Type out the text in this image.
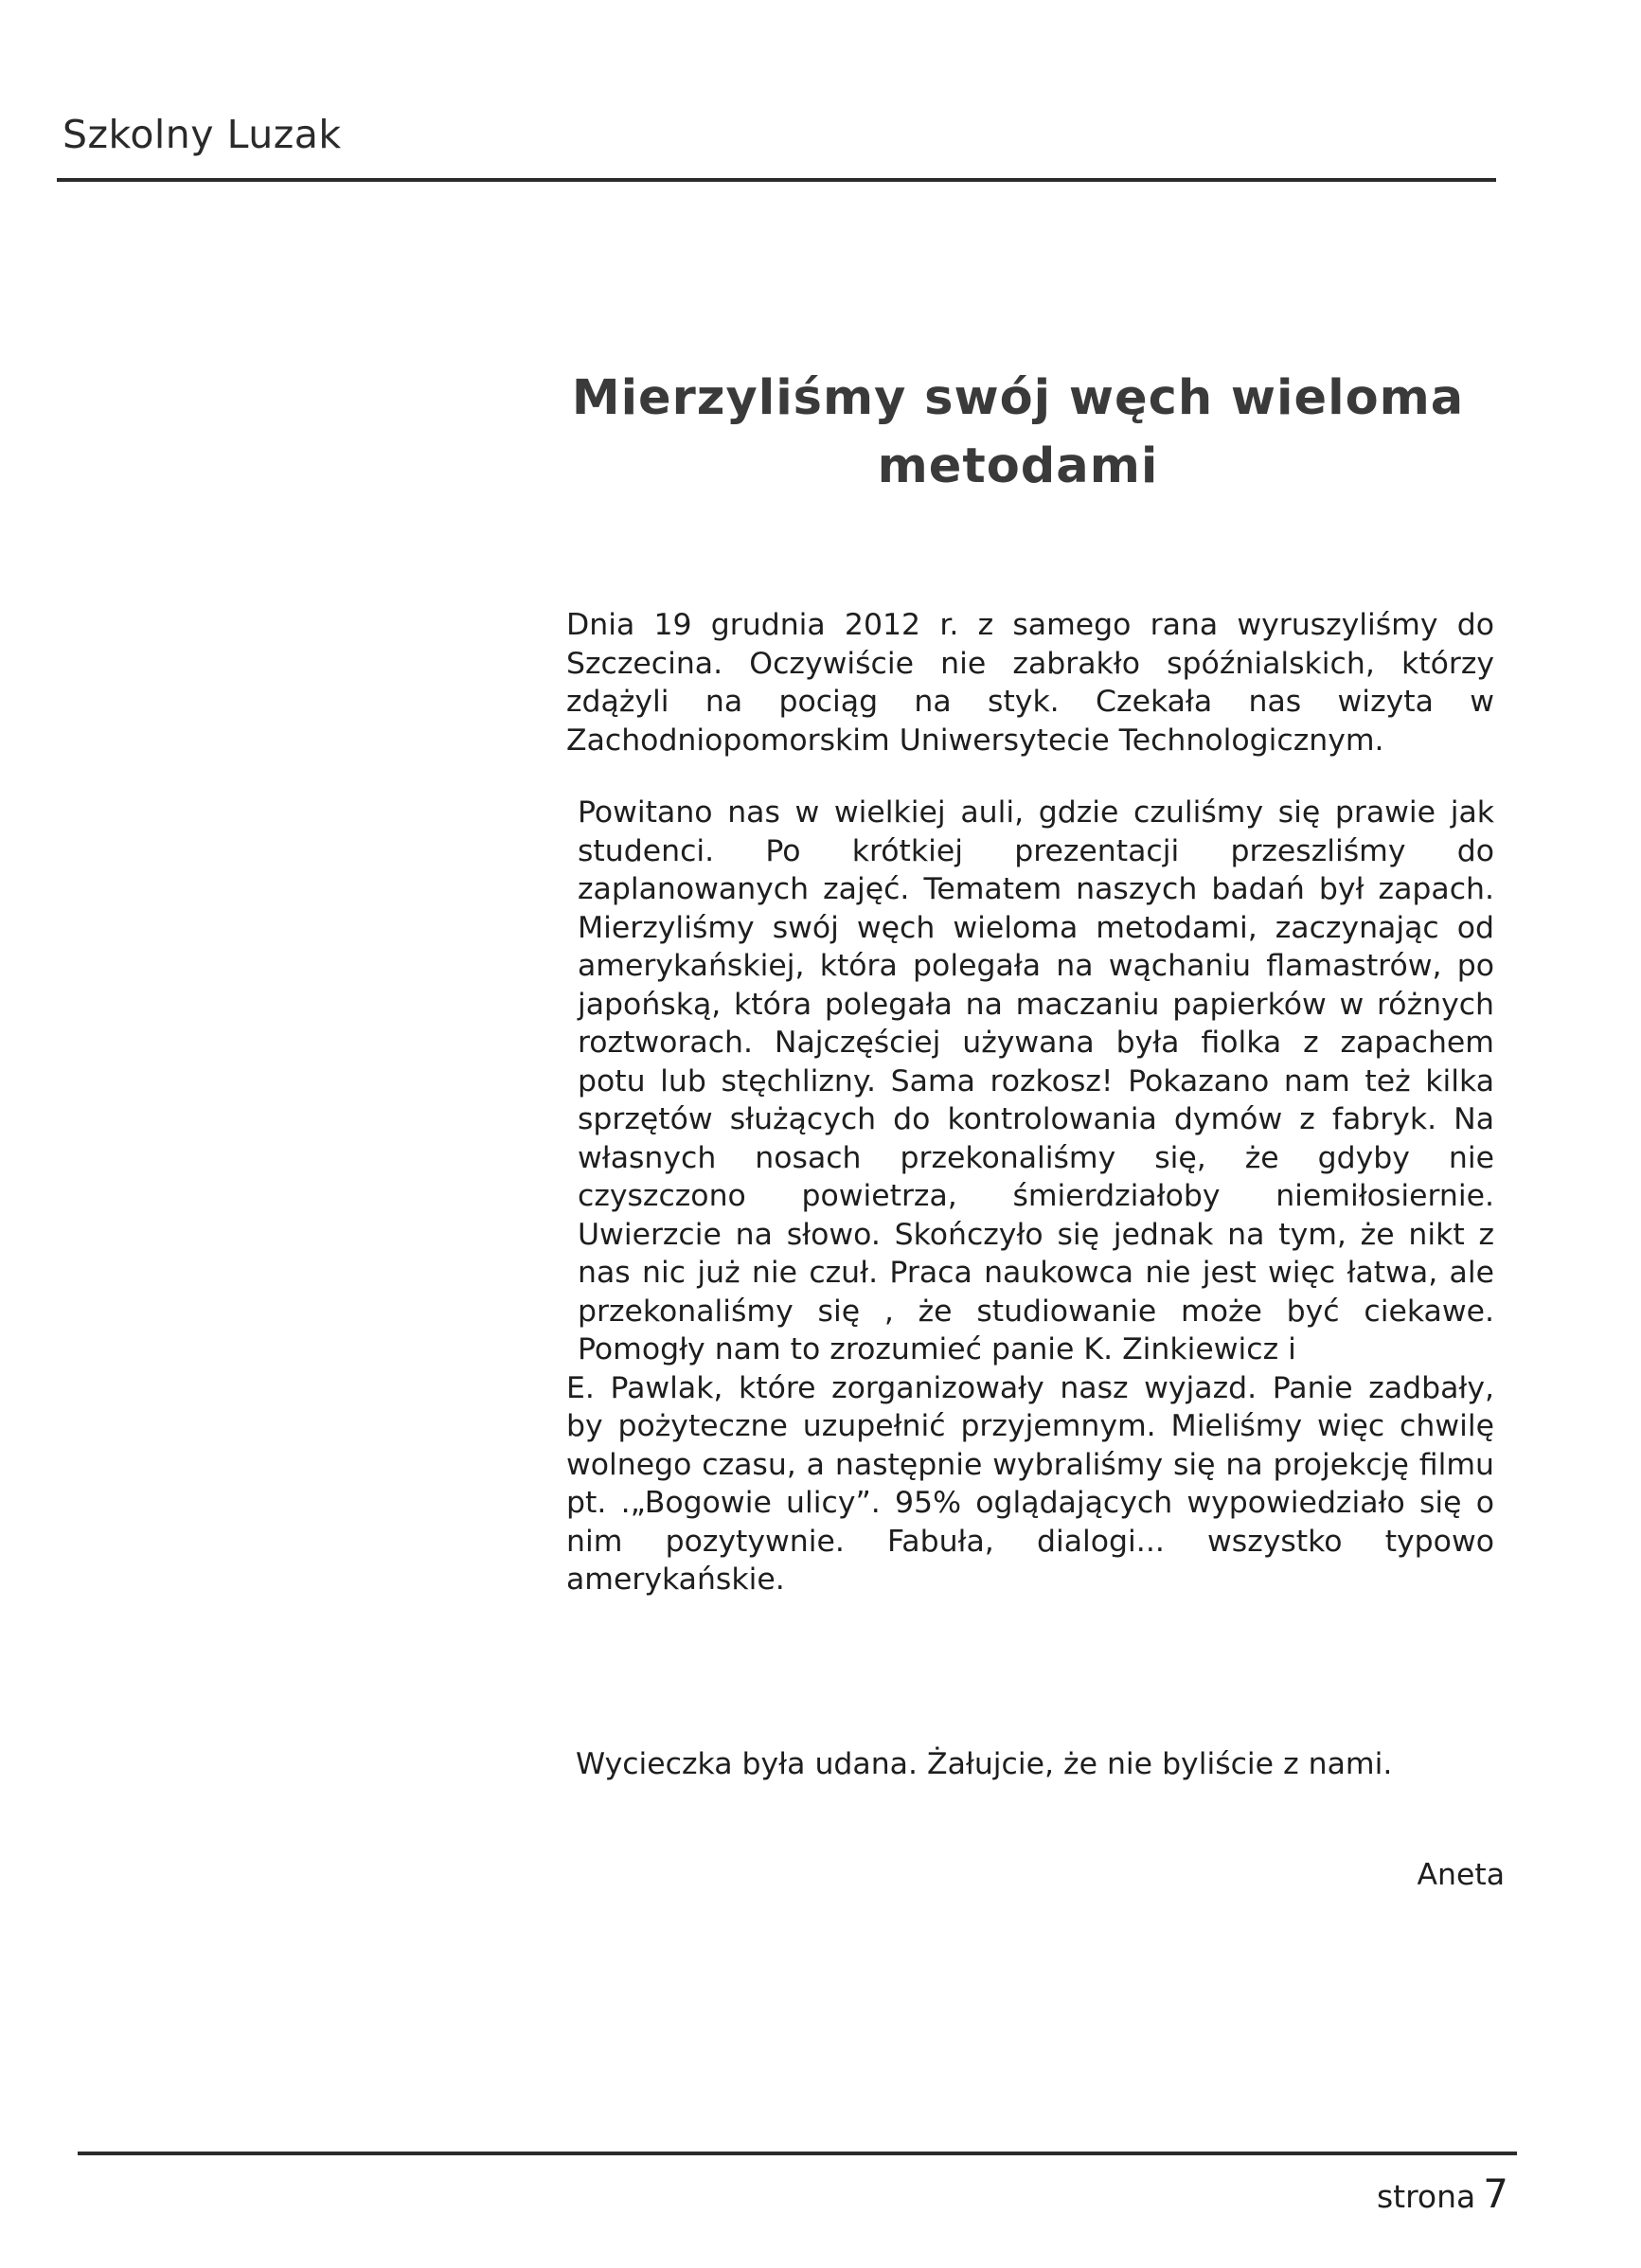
Szkolny Luzak
Mierzyliśmy swój węch wieloma
metodami
Dnia 19 grudnia 2012 r. z samego rana wyruszyliśmy do Szczecina. Oczywiście nie zabrakło spóźnialskich, którzy zdążyli na pociąg na styk. Czekała nas wizyta w Zachodniopomorskim Uniwersytecie Technologicznym.

Powitano nas w wielkiej auli, gdzie czuliśmy się prawie jak studenci. Po krótkiej prezentacji przeszliśmy do zaplanowanych zajęć. Tematem naszych badań był zapach. Mierzyliśmy swój węch wieloma metodami, zaczynając od amerykańskiej, która polegała na wąchaniu flamastrów, po japońską, która polegała na maczaniu papierków w różnych roztworach. Najczęściej używana była fiolka z zapachem potu lub stęchlizny. Sama rozkosz! Pokazano nam też kilka sprzętów służących do kontrolowania dymów z fabryk. Na własnych nosach przekonaliśmy się, że gdyby nie czyszczono powietrza, śmierdziałoby niemiłosiernie. Uwierzcie na słowo. Skończyło się jednak na tym, że nikt z nas nic już nie czuł. Praca naukowca nie jest więc łatwa, ale przekonaliśmy się , że studiowanie może być ciekawe. Pomogły nam to zrozumieć panie K. Zinkiewicz i

E. Pawlak, które zorganizowały nasz wyjazd. Panie zadbały, by pożyteczne uzupełnić przyjemnym. Mieliśmy więc chwilę wolnego czasu, a następnie wybraliśmy się na projekcję filmu pt. .„Bogowie ulicy”. 95% oglądających wypowiedziało się o nim pozytywnie. Fabuła, dialogi... wszystko typowo amerykańskie.

Wycieczka była udana. Żałujcie, że nie byliście z nami.
Aneta
strona 7
